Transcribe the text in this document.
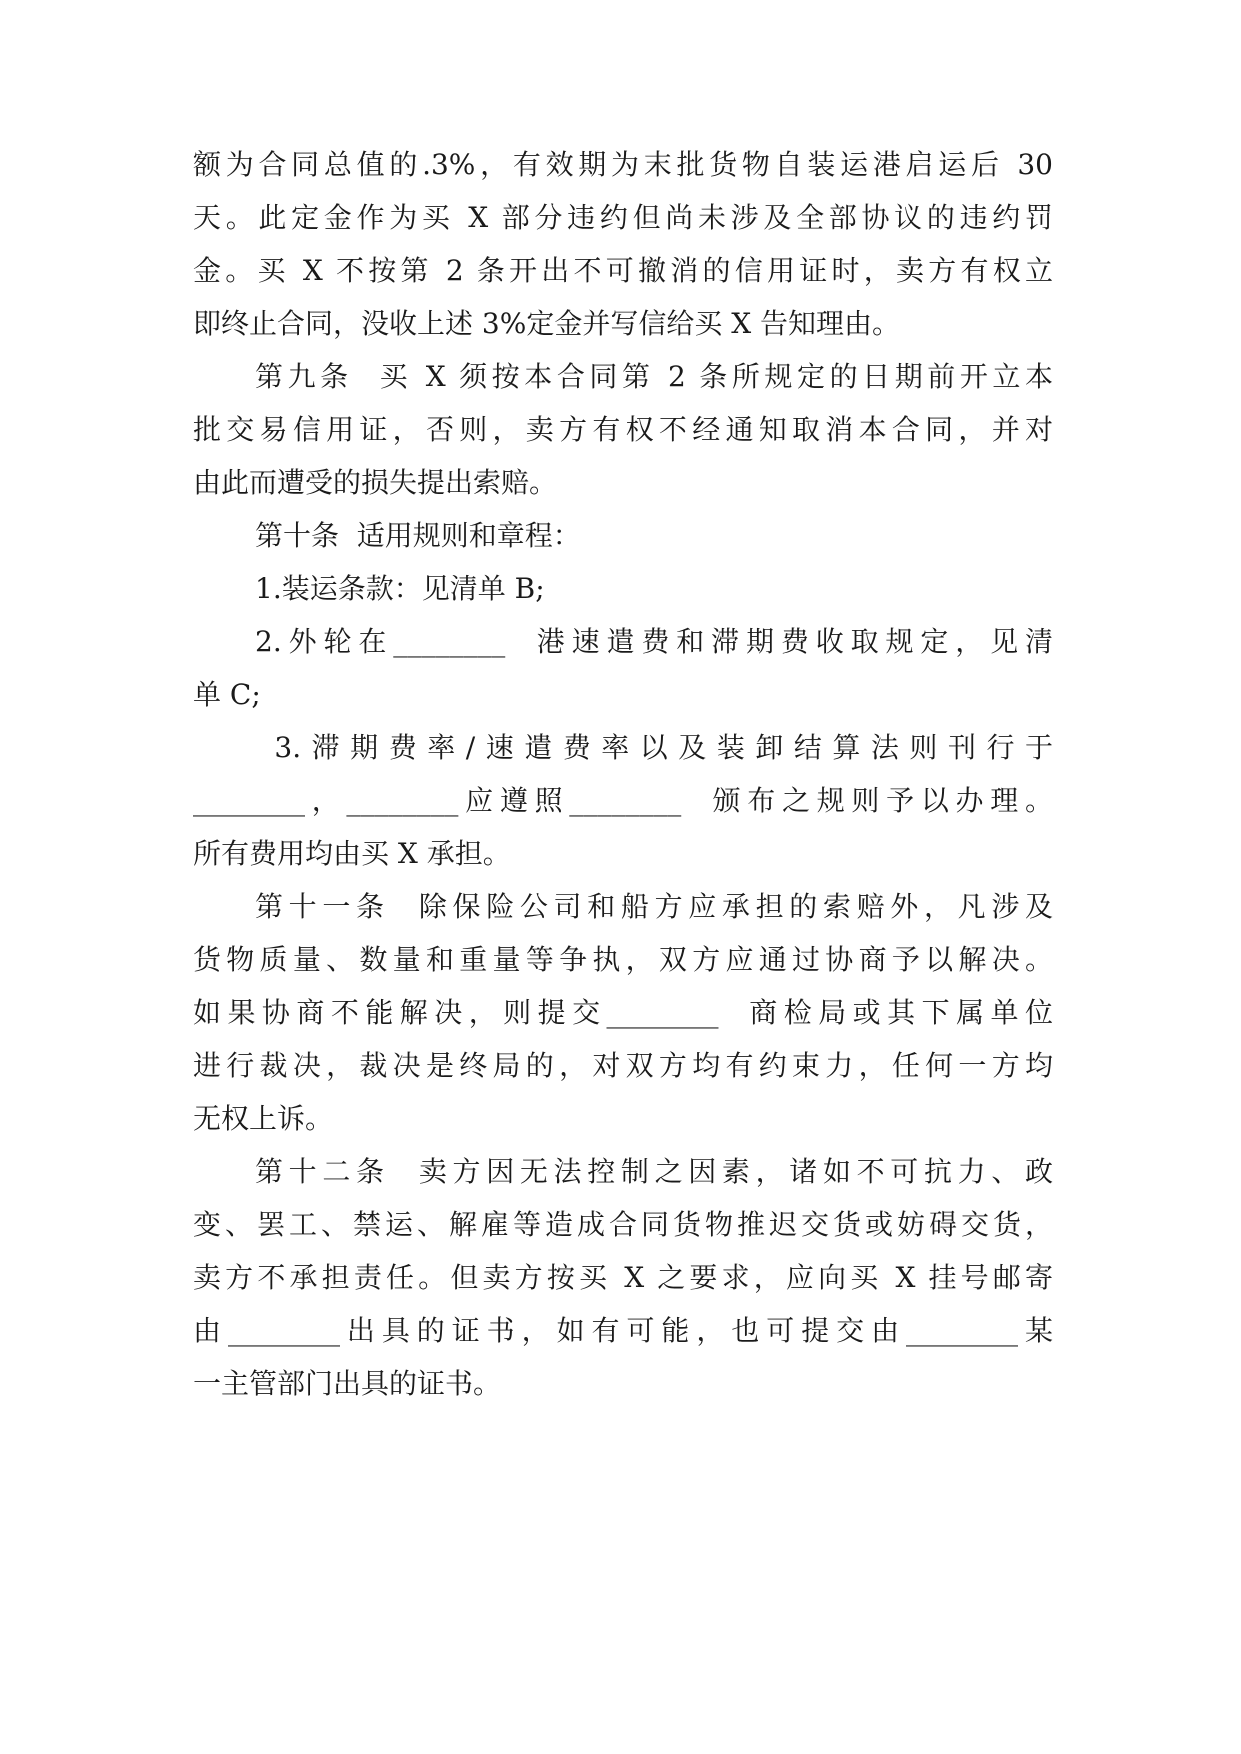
额为合同总值的.3%，有效期为末批货物自装运港启运后 30
天。此定金作为买 X 部分违约但尚未涉及全部协议的违约罚
金。买 X 不按第 2 条开出不可撤消的信用证时，卖方有权立
即终止合同，没收上述 3%定金并写信给买 X 告知理由。
第九条  买 X 须按本合同第 2 条所规定的日期前开立本
批交易信用证，否则，卖方有权不经通知取消本合同，并对
由此而遭受的损失提出索赔。
第十条  适用规则和章程：
1.装运条款：见清单 B;
2.外轮在________  港速遣费和滞期费收取规定，见清
单 C;
3.滞期费率/速遣费率以及装卸结算法则刊行于
________，________应遵照________  颁布之规则予以办理。
所有费用均由买 X 承担。
第十一条  除保险公司和船方应承担的索赔外，凡涉及
货物质量、数量和重量等争执，双方应通过协商予以解决。
如果协商不能解决，则提交________  商检局或其下属单位
进行裁决，裁决是终局的，对双方均有约束力，任何一方均
无权上诉。
第十二条  卖方因无法控制之因素，诸如不可抗力、政
变、罢工、禁运、解雇等造成合同货物推迟交货或妨碍交货，
卖方不承担责任。但卖方按买 X 之要求，应向买 X 挂号邮寄
由________出具的证书，如有可能，也可提交由________某
一主管部门出具的证书。
